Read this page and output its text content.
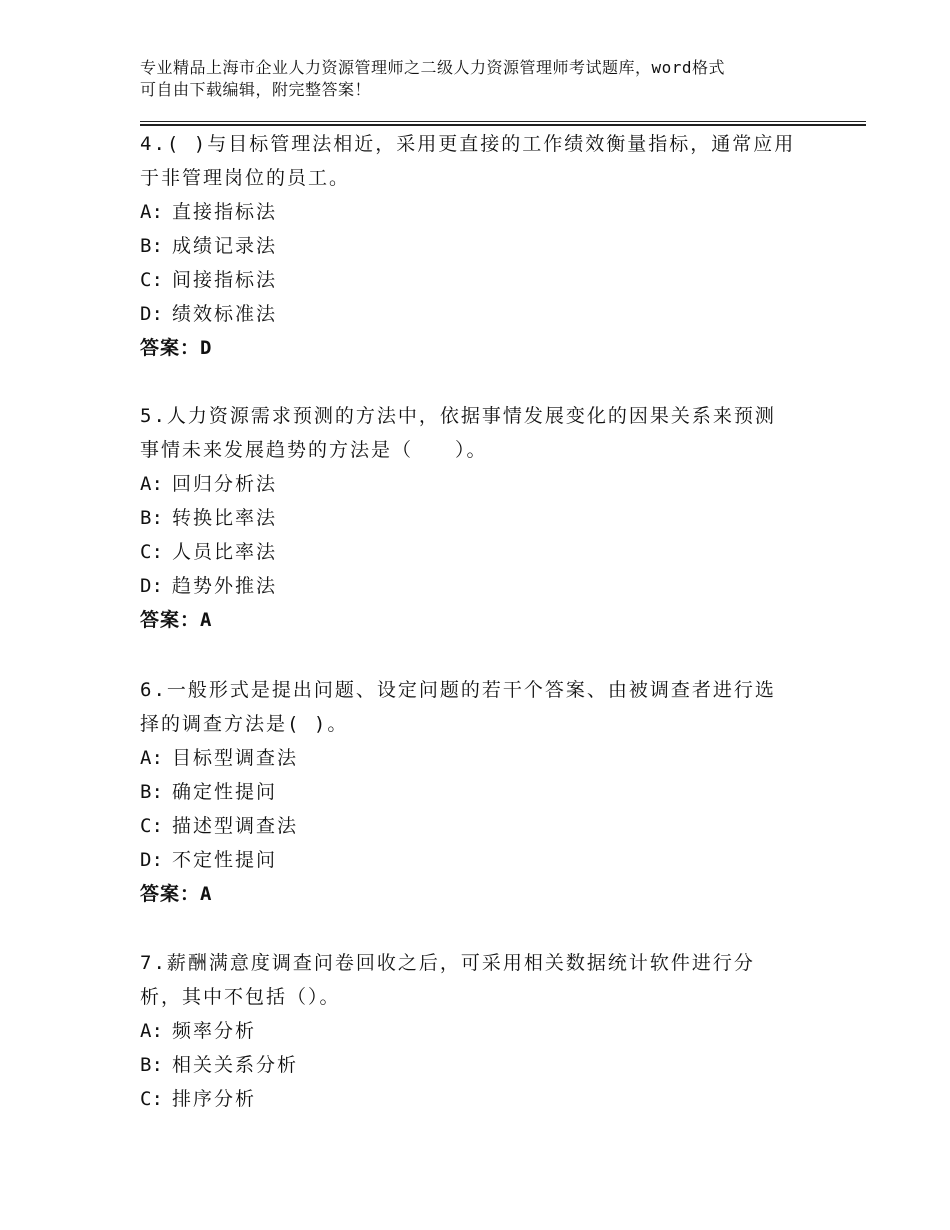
专业精品上海市企业人力资源管理师之二级人力资源管理师考试题库，word格式
可自由下载编辑，附完整答案！
4.( )与目标管理法相近，采用更直接的工作绩效衡量指标，通常应用
于非管理岗位的员工。
A: 直接指标法
B: 成绩记录法
C: 间接指标法
D: 绩效标准法
答案：D
5.人力资源需求预测的方法中，依据事情发展变化的因果关系来预测
事情未来发展趋势的方法是（　　）。
A: 回归分析法
B: 转换比率法
C: 人员比率法
D: 趋势外推法
答案：A
6.一般形式是提出问题、设定问题的若干个答案、由被调查者进行选
择的调查方法是( )。
A: 目标型调查法
B: 确定性提问
C: 描述型调查法
D: 不定性提问
答案：A
7.薪酬满意度调查问卷回收之后，可采用相关数据统计软件进行分
析，其中不包括（）。
A: 频率分析
B: 相关关系分析
C: 排序分析
